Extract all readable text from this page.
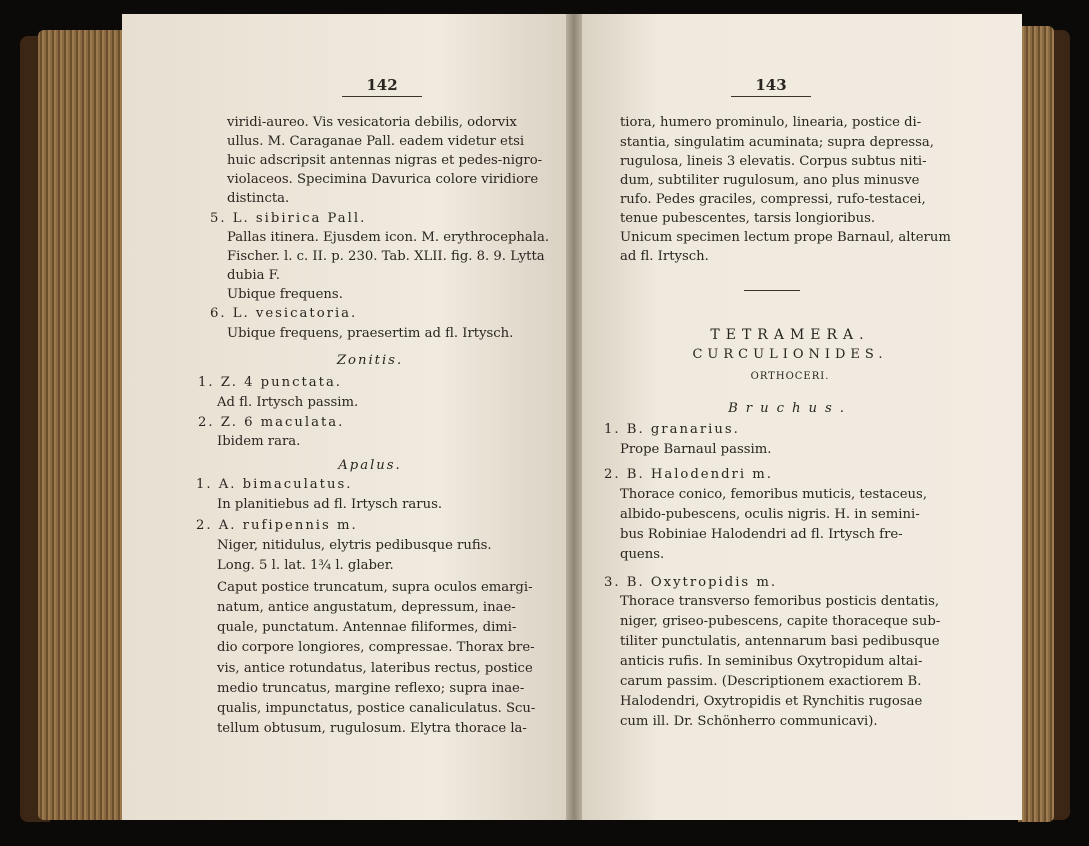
142
viridi-aureo. Vis vesicatoria debilis, odorvix
ullus. M. Caraganae Pall. eadem videtur etsi
huic adscripsit antennas nigras et pedes-nigro-
violaceos. Specimina Davurica colore viridiore
distincta.
5. L. sibirica Pall.
Pallas itinera. Ejusdem icon. M. erythrocephala.
Fischer. l. c. II. p. 230. Tab. XLII. fig. 8. 9. Lytta
dubia F.
Ubique frequens.
6. L. vesicatoria.
Ubique frequens, praesertim ad fl. Irtysch.
Zonitis.
1. Z. 4 punctata.
Ad fl. Irtysch passim.
2. Z. 6 maculata.
Ibidem rara.
Apalus.
1. A. bimaculatus.
In planitiebus ad fl. Irtysch rarus.
2. A. rufipennis m.
Niger, nitidulus, elytris pedibusque rufis.
Long. 5 l. lat. 1¾ l. glaber.
Caput postice truncatum, supra oculos emargi-
natum, antice angustatum, depressum, inae-
quale, punctatum. Antennae filiformes, dimi-
dio corpore longiores, compressae. Thorax bre-
vis, antice rotundatus, lateribus rectus, postice
medio truncatus, margine reflexo; supra inae-
qualis, impunctatus, postice canaliculatus. Scu-
tellum obtusum, rugulosum. Elytra thorace la-
143
tiora, humero prominulo, linearia, postice di-
stantia, singulatim acuminata; supra depressa,
rugulosa, lineis 3 elevatis. Corpus subtus niti-
dum, subtiliter rugulosum, ano plus minusve
rufo. Pedes graciles, compressi, rufo-testacei,
tenue pubescentes, tarsis longioribus.
Unicum specimen lectum prope Barnaul, alterum
ad fl. Irtysch.
TETRAMERA.
CURCULIONIDES.
ORTHOCERI.
Bruchus.
1. B. granarius.
Prope Barnaul passim.
2. B. Halodendri m.
Thorace conico, femoribus muticis, testaceus,
albido-pubescens, oculis nigris. H. in semini-
bus Robiniae Halodendri ad fl. Irtysch fre-
quens.
3. B. Oxytropidis m.
Thorace transverso femoribus posticis dentatis,
niger, griseo-pubescens, capite thoraceque sub-
tiliter punctulatis, antennarum basi pedibusque
anticis rufis. In seminibus Oxytropidum altai-
carum passim. (Descriptionem exactiorem B.
Halodendri, Oxytropidis et Rynchitis rugosae
cum ill. Dr. Schönherro communicavi).
